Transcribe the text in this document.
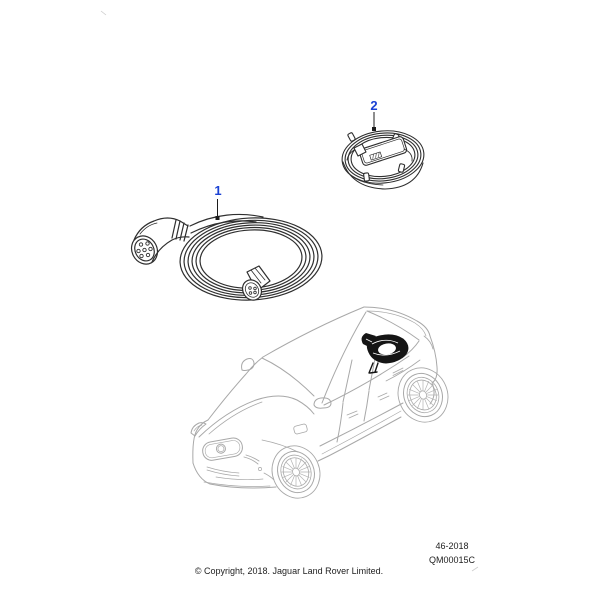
1
2
46-2018
QM00015C
© Copyright, 2018. Jaguar Land Rover Limited.
